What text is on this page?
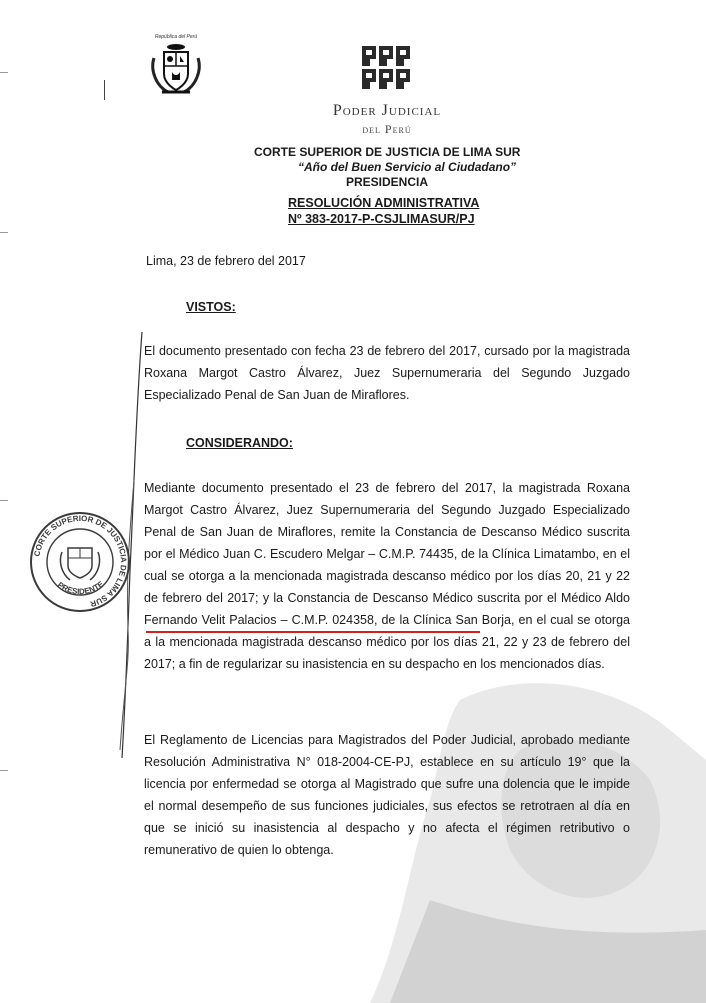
República del Perú
Poder Judicial
del Perú
CORTE SUPERIOR DE JUSTICIA DE LIMA SUR
“Año del Buen Servicio al Ciudadano”
PRESIDENCIA
RESOLUCIÓN ADMINISTRATIVA
Nº 383-2017-P-CSJLIMASUR/PJ
Lima, 23 de febrero del 2017
VISTOS:

El documento presentado con fecha 23 de febrero del 2017, cursado por la magistrada Roxana Margot Castro Álvarez, Juez Supernumeraria del Segundo Juzgado Especializado Penal de San Juan de Miraflores.

CONSIDERANDO:

Mediante documento presentado el 23 de febrero del 2017, la magistrada Roxana Margot Castro Álvarez, Juez Supernumeraria del Segundo Juzgado Especializado Penal de San Juan de Miraflores, remite la Constancia de Descanso Médico suscrita por el Médico Juan C. Escudero Melgar – C.M.P. 74435, de la Clínica Limatambo, en el cual se otorga a la mencionada magistrada descanso médico por los días 20, 21 y 22 de febrero del 2017; y la Constancia de Descanso Médico suscrita por el Médico Aldo Fernando Velit Palacios – C.M.P. 024358, de la Clínica San Borja, en el cual se otorga a la mencionada magistrada descanso médico por los días 21, 22 y 23 de febrero del 2017; a fin de regularizar su inasistencia en su despacho en los mencionados días.

El Reglamento de Licencias para Magistrados del Poder Judicial, aprobado mediante Resolución Administrativa N° 018-2004-CE-PJ, establece en su artículo 19° que la licencia por enfermedad se otorga al Magistrado que sufre una dolencia que le impide el normal desempeño de sus funciones judiciales, sus efectos se retrotraen al día en que se inició su inasistencia al despacho y no afecta el régimen retributivo o remunerativo de quien lo obtenga.

CORTE SUPERIOR DE JUSTICIA DE LIMA SUR
PRESIDENTE
